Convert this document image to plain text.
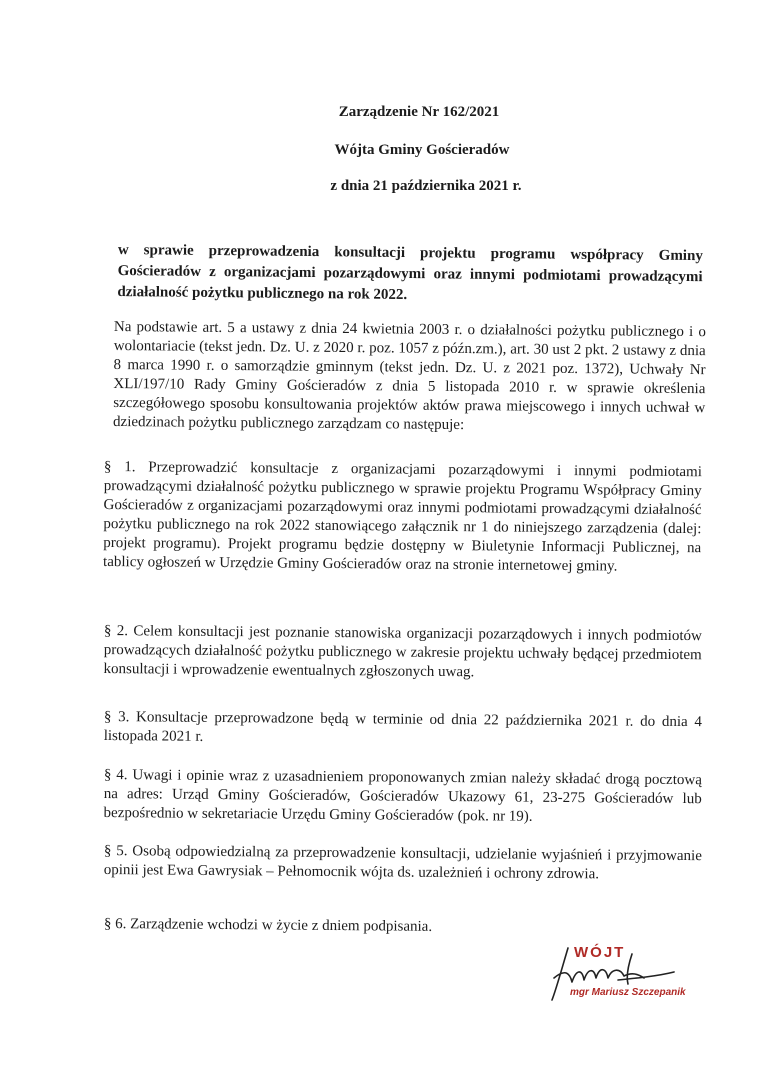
Zarządzenie Nr 162/2021
Wójta Gminy Gościeradów
z dnia 21 października 2021 r.
w sprawie przeprowadzenia konsultacji projektu programu współpracy Gminy Gościeradów z organizacjami pozarządowymi oraz innymi podmiotami prowadzącymi działalność pożytku publicznego na rok 2022.
Na podstawie art. 5 a ustawy z dnia 24 kwietnia 2003 r. o działalności pożytku publicznego i o wolontariacie (tekst jedn. Dz. U. z 2020 r. poz. 1057 z późn.zm.), art. 30 ust 2 pkt. 2 ustawy z dnia 8 marca 1990 r. o samorządzie gminnym (tekst jedn. Dz. U. z 2021 poz. 1372), Uchwały Nr XLI/197/10 Rady Gminy Gościeradów z dnia 5 listopada 2010 r. w sprawie określenia szczegółowego sposobu konsultowania projektów aktów prawa miejscowego i innych uchwał w dziedzinach pożytku publicznego zarządzam co następuje:
§ 1. Przeprowadzić konsultacje z organizacjami pozarządowymi i innymi podmiotami prowadzącymi działalność pożytku publicznego w sprawie projektu Programu Współpracy Gminy Gościeradów z organizacjami pozarządowymi oraz innymi podmiotami prowadzącymi działalność pożytku publicznego na rok 2022 stanowiącego załącznik nr 1 do niniejszego zarządzenia (dalej: projekt programu). Projekt programu będzie dostępny w Biuletynie Informacji Publicznej, na tablicy ogłoszeń w Urzędzie Gminy Gościeradów oraz na stronie internetowej gminy.
§ 2. Celem konsultacji jest poznanie stanowiska organizacji pozarządowych i innych podmiotów prowadzących działalność pożytku publicznego w zakresie projektu uchwały będącej przedmiotem konsultacji i wprowadzenie ewentualnych zgłoszonych uwag.
§ 3. Konsultacje przeprowadzone będą w terminie od dnia 22 października 2021 r. do dnia 4 listopada 2021 r.
§ 4. Uwagi i opinie wraz z uzasadnieniem proponowanych zmian należy składać drogą pocztową na adres: Urząd Gminy Gościeradów, Gościeradów Ukazowy 61, 23-275 Gościeradów lub bezpośrednio w sekretariacie Urzędu Gminy Gościeradów (pok. nr 19).
§ 5. Osobą odpowiedzialną za przeprowadzenie konsultacji, udzielanie wyjaśnień i przyjmowanie opinii jest Ewa Gawrysiak – Pełnomocnik wójta ds. uzależnień i ochrony zdrowia.
§ 6. Zarządzenie wchodzi w życie z dniem podpisania.
WÓJT
mgr Mariusz Szczepanik
